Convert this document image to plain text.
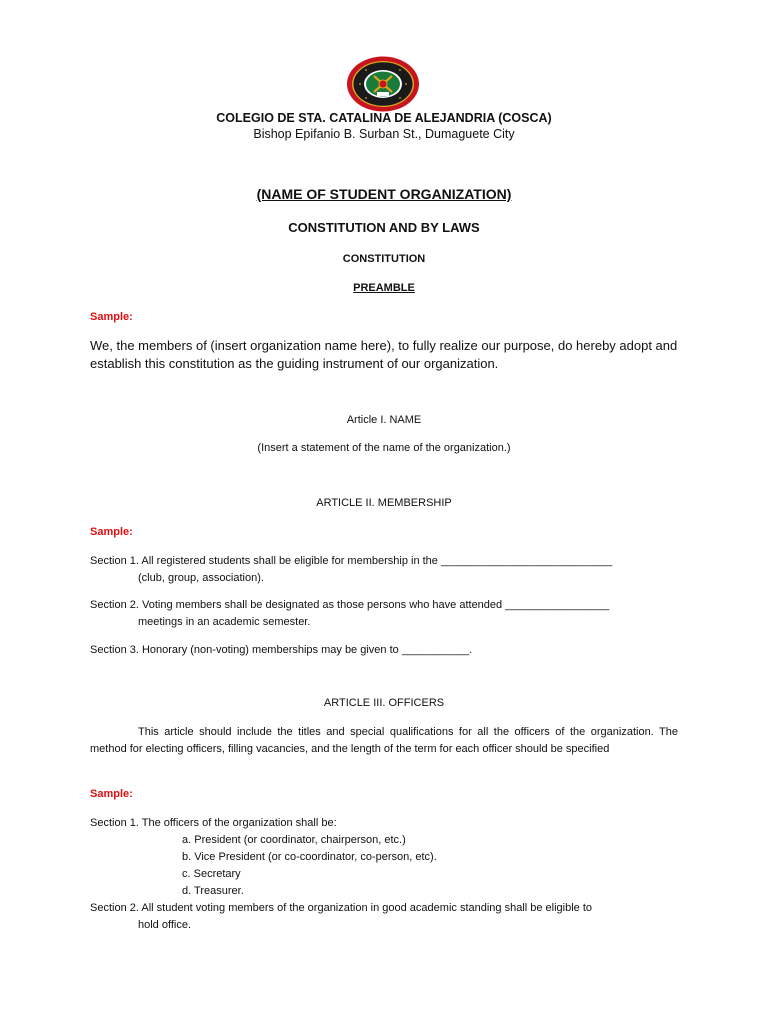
COLEGIO DE STA. CATALINA DE ALEJANDRIA (COSCA)
Bishop Epifanio B. Surban St., Dumaguete City
(NAME OF STUDENT ORGANIZATION)
CONSTITUTION AND BY LAWS
CONSTITUTION
PREAMBLE
Sample:
We, the members of (insert organization name here), to fully realize our purpose, do hereby adopt and establish this constitution as the guiding instrument of our organization.
Article I. NAME
(Insert a statement of the name of the organization.)
ARTICLE II. MEMBERSHIP
Sample:
Section 1. All registered students shall be eligible for membership in the ____________________________
(club, group, association).
Section 2. Voting members shall be designated as those persons who have attended _________________
meetings in an academic semester.
Section 3. Honorary (non-voting) memberships may be given to ___________.
ARTICLE III. OFFICERS
This article should include the titles and special qualifications for all the officers of the organization. The method for electing officers, filling vacancies, and the length of the term for each officer should be specified
Sample:
Section 1. The officers of the organization shall be:
a. President (or coordinator, chairperson, etc.)
b. Vice President (or co-coordinator, co-person, etc).
c. Secretary
d. Treasurer.
Section 2. All student voting members of the organization in good academic standing shall be eligible to
hold office.
